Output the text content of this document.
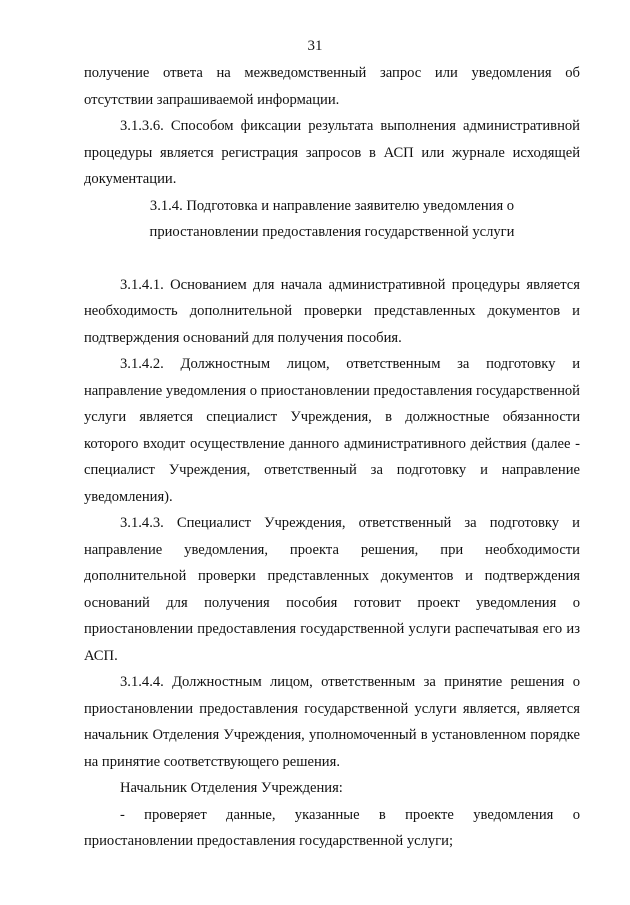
31

получение ответа на межведомственный запрос или уведомления об отсутствии запрашиваемой информации.

3.1.3.6. Способом фиксации результата выполнения административной процедуры является регистрация запросов в АСП или журнале исходящей документации.

3.1.4. Подготовка и направление заявителю уведомления о

приостановлении предоставления государственной услуги

3.1.4.1. Основанием для начала административной процедуры является необходимость дополнительной проверки представленных документов и подтверждения оснований для получения пособия.

3.1.4.2. Должностным лицом, ответственным за подготовку и направление уведомления о приостановлении предоставления государственной услуги является специалист Учреждения, в должностные обязанности которого входит осуществление данного административного действия (далее - специалист Учреждения, ответственный за подготовку и направление уведомления).

3.1.4.3. Специалист Учреждения, ответственный за подготовку и направление уведомления, проекта решения, при необходимости дополнительной проверки представленных документов и подтверждения оснований для получения пособия готовит проект уведомления о приостановлении предоставления государственной услуги распечатывая его из АСП.

3.1.4.4. Должностным лицом, ответственным за принятие решения о приостановлении предоставления государственной услуги является, является начальник Отделения Учреждения, уполномоченный в установленном порядке на принятие соответствующего решения.

Начальник Отделения Учреждения:

- проверяет данные, указанные в проекте уведомления о приостановлении предоставления государственной услуги;
